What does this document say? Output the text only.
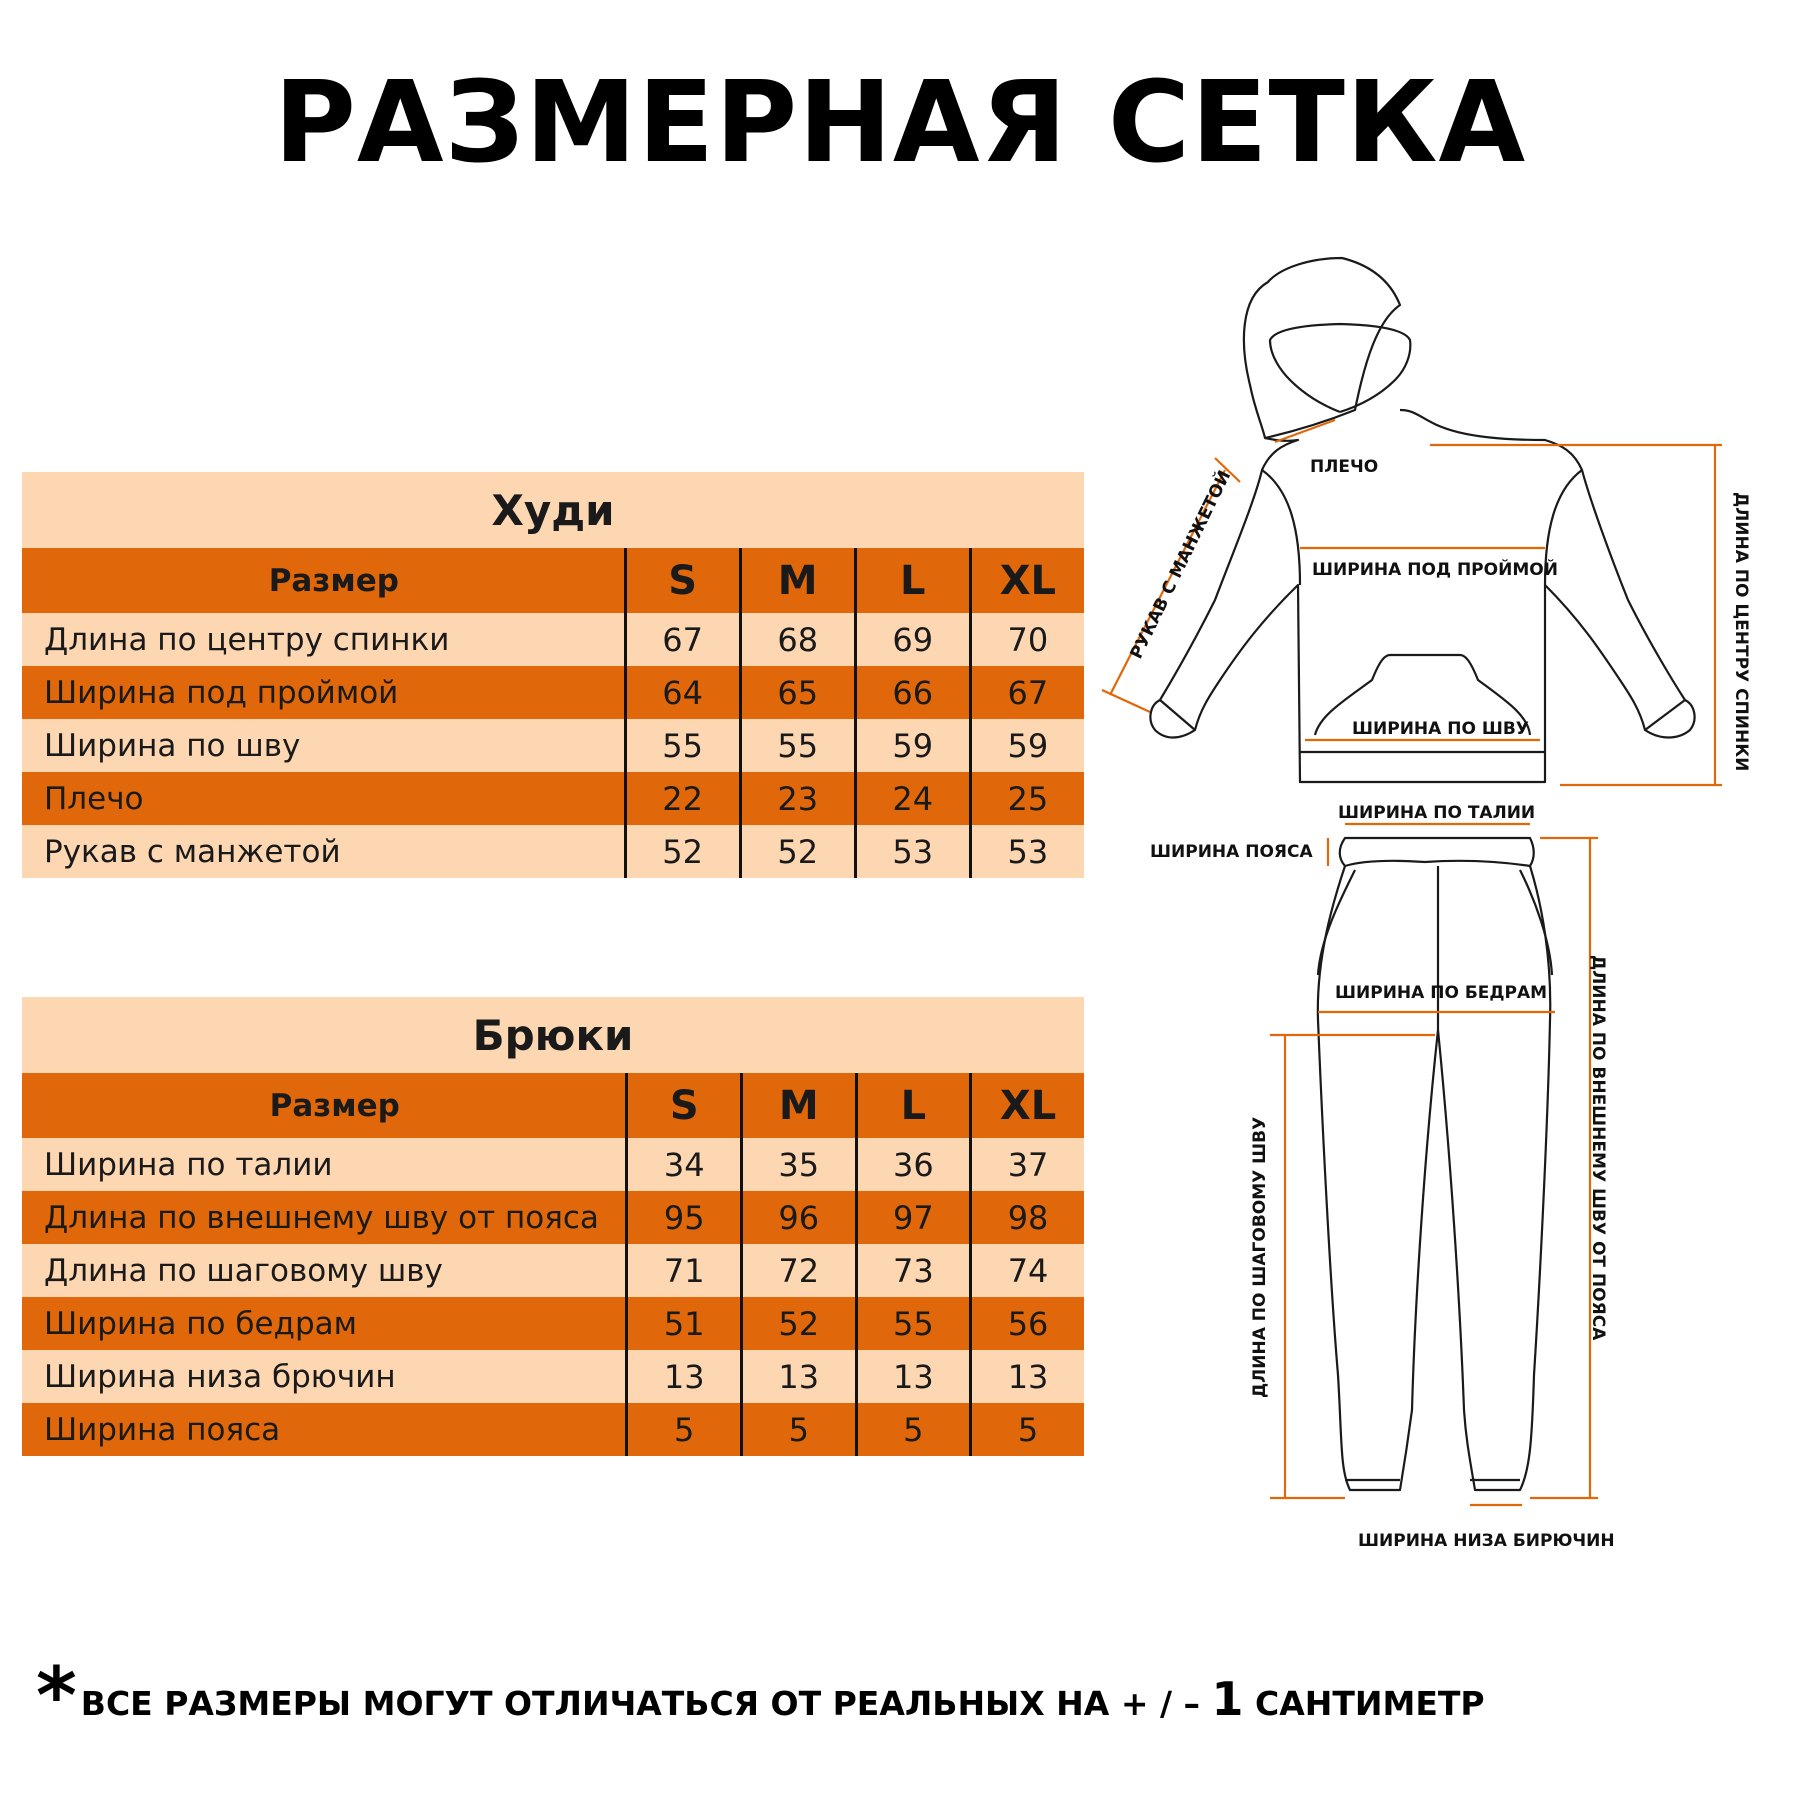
РАЗМЕРНАЯ СЕТКА
Худи				
Размер	S	M	L	XL
Длина по центру спинки	67	68	69	70
Ширина под проймой	64	65	66	67
Ширина по шву	55	55	59	59
Плечо	22	23	24	25
Рукав с манжетой	52	52	53	53
Брюки				
Размер	S	M	L	XL
Ширина по талии	34	35	36	37
Длина по внешнему шву от пояса	95	96	97	98
Длина по шаговому шву	71	72	73	74
Ширина по бедрам	51	52	55	56
Ширина низа брючин	13	13	13	13
Ширина пояса	5	5	5	5
ПЛЕЧО
ШИРИНА ПОД ПРОЙМОЙ
ШИРИНА ПО ШВУ
РУКАВ С МАНЖЕТОЙ	ДЛИНА ПО ЦЕНТРУ СПИНКИ
ШИРИНА ПО ТАЛИИ
ШИРИНА ПОЯСА
ШИРИНА ПО БЕДРАМ ДЛИНА ПО ВНЕШНЕМУ ШВУ ОТ ПОЯСА
ДЛИНА ПО ШАГОВОМУ ШВУ
ШИРИНА НИЗА БИРЮЧИН
* ВСЕ РАЗМЕРЫ МОГУТ ОТЛИЧАТЬСЯ ОТ РЕАЛЬНЫХ НА + / – 1 САНТИМЕТР
